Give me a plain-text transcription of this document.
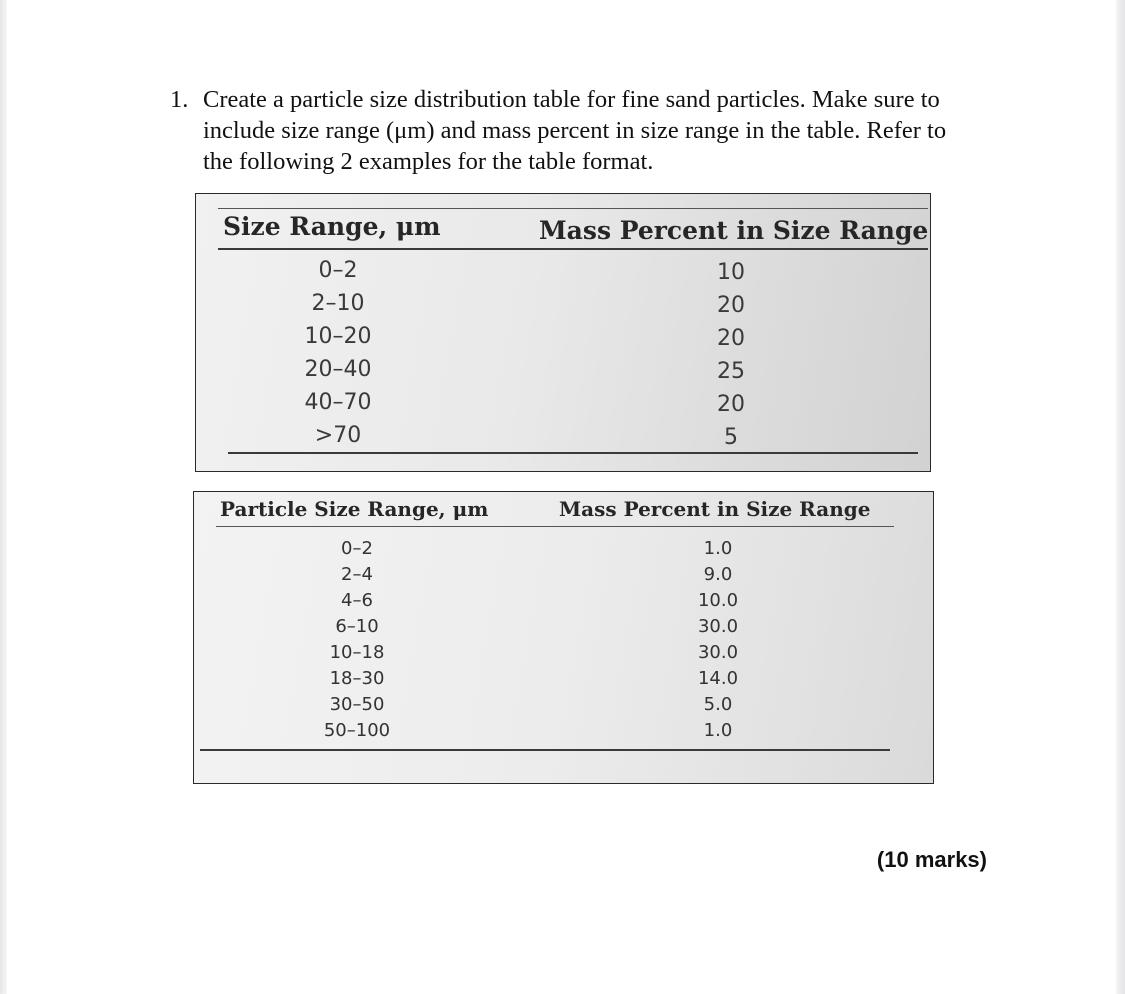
1. Create a particle size distribution table for fine sand particles. Make sure to
include size range (μm) and mass percent in size range in the table. Refer to
the following 2 examples for the table format.
Size Range, μm	Mass Percent in Size Range
0–2
2–10
10–20
20–40
40–70
>70
10
20
20
25
20
5
Particle Size Range, μm	Mass Percent in Size Range
0–2
2–4
4–6
6–10
10–18
18–30
30–50
50–100
1.0
9.0
10.0
30.0
30.0
14.0
5.0
1.0
(10 marks)
